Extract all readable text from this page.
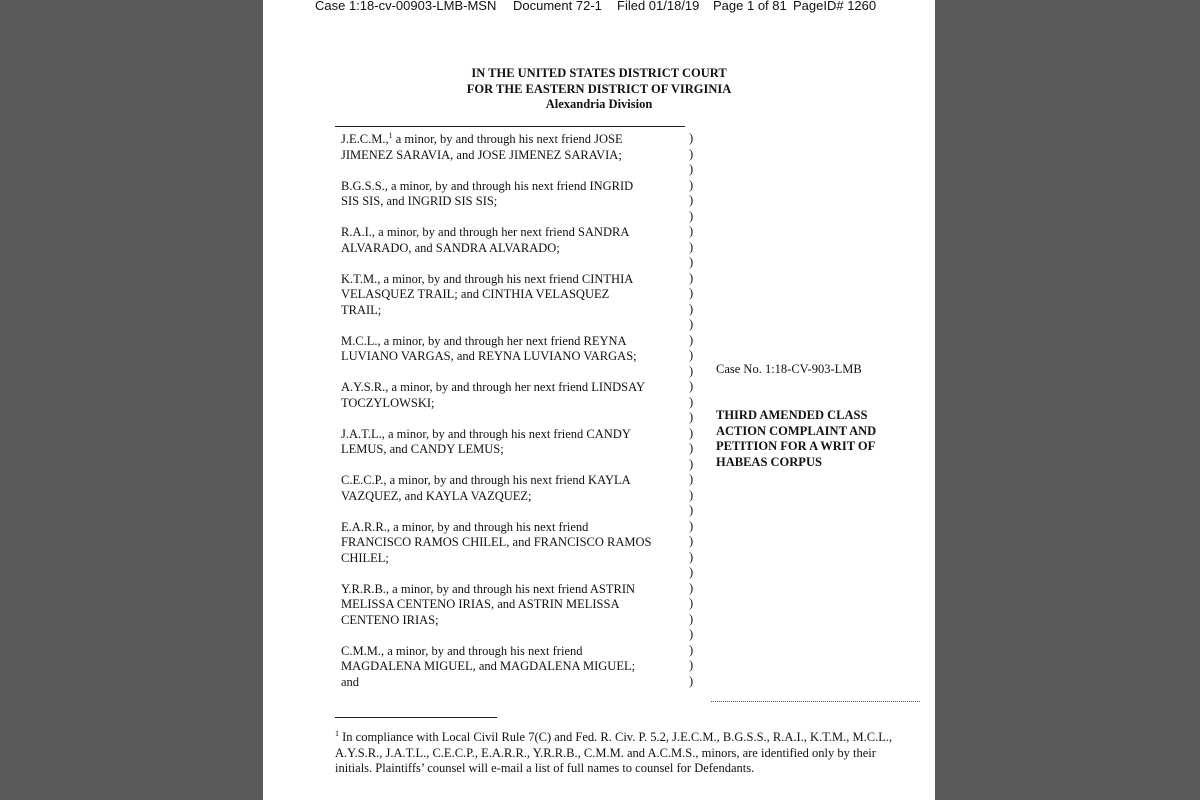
Case 1:18-cv-00903-LMB-MSN Document 72-1 Filed 01/18/19 Page 1 of 81 PageID# 1260
IN THE UNITED STATES DISTRICT COURT
FOR THE EASTERN DISTRICT OF VIRGINIA
Alexandria Division
J.E.C.M.,$^1$ a minor, by and through his next friend JOSE
JIMENEZ SARAVIA, and JOSE JIMENEZ SARAVIA;
B.G.S.S., a minor, by and through his next friend INGRID
SIS SIS, and INGRID SIS SIS;
R.A.I., a minor, by and through her next friend SANDRA
ALVARADO, and SANDRA ALVARADO;
K.T.M., a minor, by and through his next friend CINTHIA
VELASQUEZ TRAIL; and CINTHIA VELASQUEZ
TRAIL;
M.C.L., a minor, by and through her next friend REYNA
LUVIANO VARGAS, and REYNA LUVIANO VARGAS;
A.Y.S.R., a minor, by and through her next friend LINDSAY
TOCZYLOWSKI;
J.A.T.L., a minor, by and through his next friend CANDY
LEMUS, and CANDY LEMUS;
C.E.C.P., a minor, by and through his next friend KAYLA
VAZQUEZ, and KAYLA VAZQUEZ;
E.A.R.R., a minor, by and through his next friend
FRANCISCO RAMOS CHILEL, and FRANCISCO RAMOS
CHILEL;
Y.R.R.B., a minor, by and through his next friend ASTRIN
MELISSA CENTENO IRIAS, and ASTRIN MELISSA
CENTENO IRIAS;
C.M.M., a minor, by and through his next friend
MAGDALENA MIGUEL, and MAGDALENA MIGUEL;
and
)
)
)
)
)
)
)
)
)
)
)
)
)
)
)
)
)
)
)
)
)
)
)
)
)
)
)
)
)
)
)
)
)
)
)
)
Case No. 1:18-CV-903-LMB
THIRD AMENDED CLASS ACTION COMPLAINT AND PETITION FOR A WRIT OF HABEAS CORPUS
$^1$ In compliance with Local Civil Rule 7(C) and Fed. R. Civ. P. 5.2, J.E.C.M., B.G.S.S., R.A.I., K.T.M., M.C.L., A.Y.S.R., J.A.T.L., C.E.C.P., E.A.R.R., Y.R.R.B., C.M.M. and A.C.M.S., minors, are identified only by their initials. Plaintiffs’ counsel will e-mail a list of full names to counsel for Defendants.
